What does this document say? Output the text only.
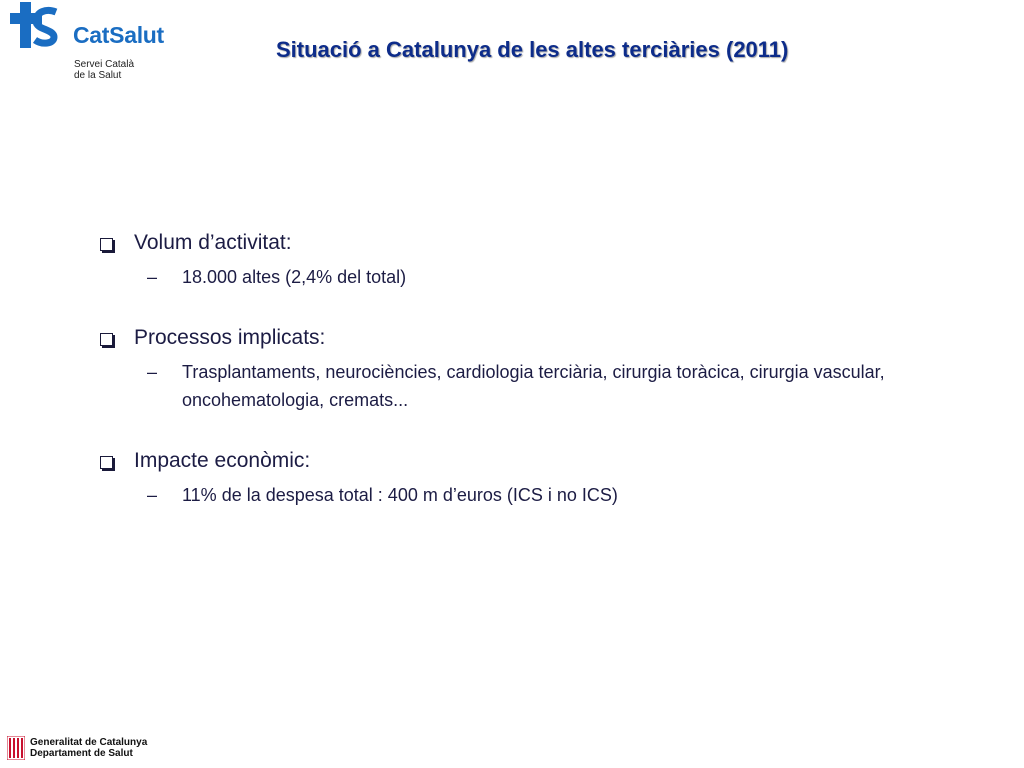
CatSalut
Servei Català
de la Salut
Situació a Catalunya de les altes terciàries (2011)
Volum d’activitat:
–	18.000 altes (2,4% del total)
Processos implicats:
–	Trasplantaments, neurociències, cardiologia terciària, cirurgia toràcica, cirurgia vascular, oncohematologia, cremats...
Impacte econòmic:
–	11% de la despesa total : 400 m d’euros (ICS i no ICS)
Generalitat de Catalunya
Departament de Salut
